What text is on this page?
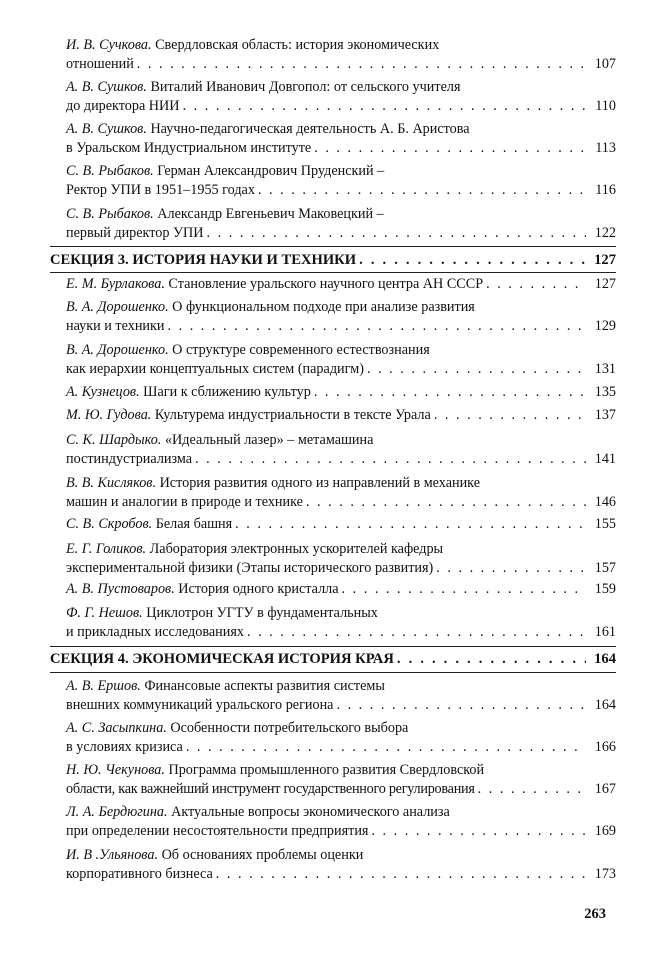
И. В. Сучкова. Свердловская область: история экономических
отношений . . .	107
А. В. Сушков. Виталий Иванович Довгопол: от сельского учителя
до директора НИИ . . .	110
А. В. Сушков. Научно-педагогическая деятельность А. Б. Аристова
в Уральском Индустриальном институте . . .	113
С. В. Рыбаков. Герман Александрович Пруденский –
Ректор УПИ в 1951–1955 годах . . .	116
С. В. Рыбаков. Александр Евгеньевич Маковецкий –
первый директор УПИ . . .	122
СЕКЦИЯ 3. ИСТОРИЯ НАУКИ И ТЕХНИКИ . . .	127
Е. М. Бурлакова. Становление уральского научного центра АН СССР . . .	127
В. А. Дорошенко. О функциональном подходе при анализе развития
науки и техники . . .	129
В. А. Дорошенко. О структуре современного естествознания
как иерархии концептуальных систем (парадигм) . . .	131
А. Кузнецов. Шаги к сближению культур . . .	135
М. Ю. Гудова. Культурема индустриальности в тексте Урала . . .	137
С. К. Шардыко. «Идеальный лазер» – метамашина
постиндустриализма . . .	141
В. В. Кисляков. История развития одного из направлений в механике
машин и аналогии в природе и технике . . .	146
С. В. Скробов. Белая башня . . .	155
Е. Г. Голиков. Лаборатория электронных ускорителей кафедры
экспериментальной физики (Этапы исторического развития) . . .	157
А. В. Пустоваров. История одного кристалла . . .	159
Ф. Г. Нешов. Циклотрон УГТУ в фундаментальных
и прикладных исследованиях . . .	161
СЕКЦИЯ 4. ЭКОНОМИЧЕСКАЯ ИСТОРИЯ КРАЯ . . .	164
А. В. Ершов. Финансовые аспекты развития системы
внешних коммуникаций уральского региона . . .	164
А. С. Засыпкина. Особенности потребительского выбора
в условиях кризиса . . .	166
Н. Ю. Чекунова. Программа промышленного развития Свердловской
области, как важнейший инструмент государственного регулирования . . .	167
Л. А. Бердюгина. Актуальные вопросы экономического анализа
при определении несостоятельности предприятия . . .	169
И. В .Ульянова. Об основаниях проблемы оценки
корпоративного бизнеса . . .	173
263
